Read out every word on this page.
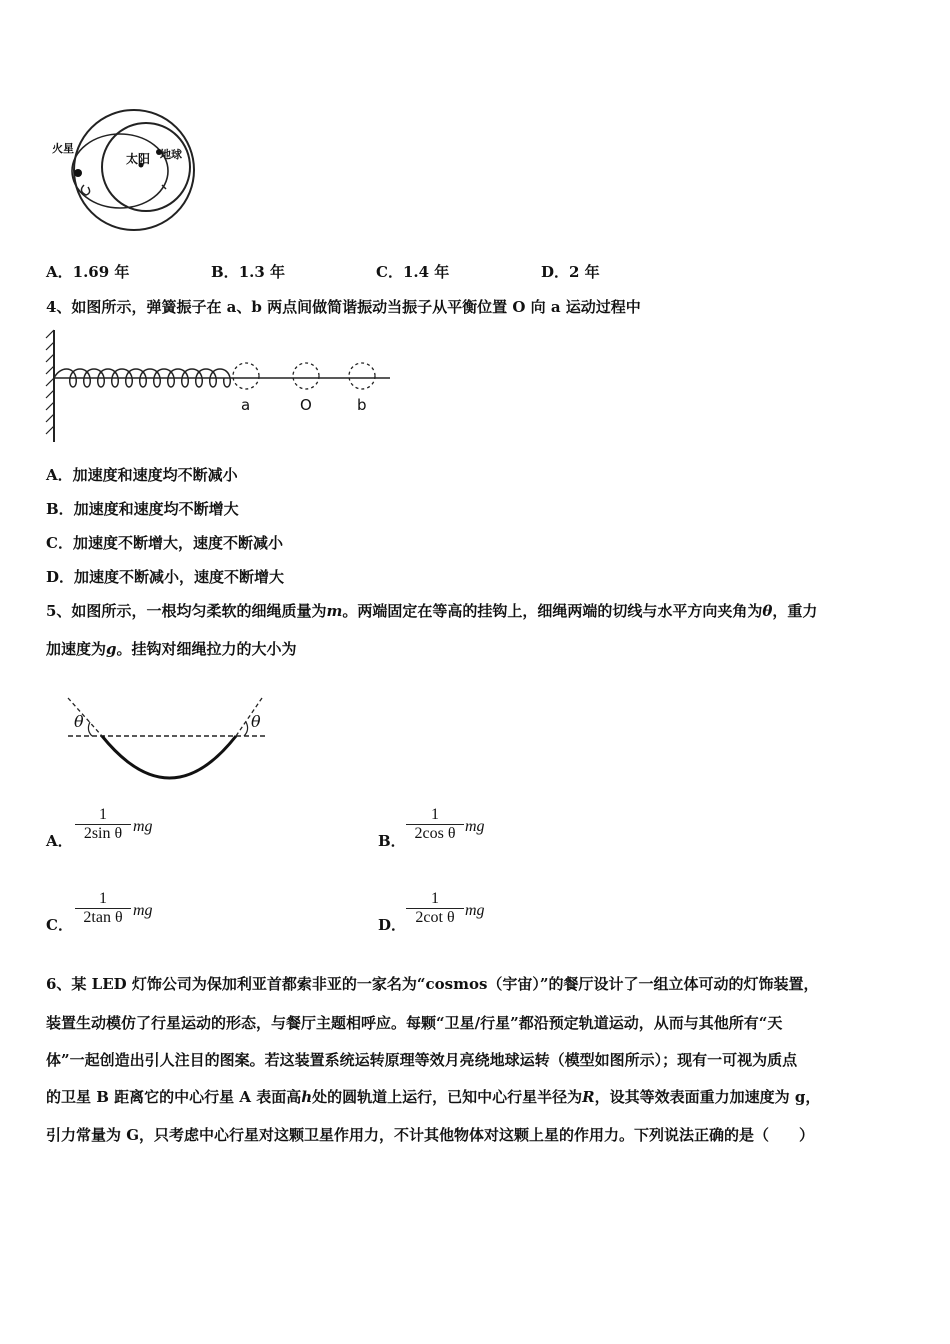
火星
太阳 地球
A．1.69 年	B．1.3 年	C．1.4 年	D．2 年
4、如图所示，弹簧振子在 a、b 两点间做简谐振动当振子从平衡位置 O 向 a 运动过程中
a	O	b
A．加速度和速度均不断减小
B．加速度和速度均不断增大
C．加速度不断增大，速度不断减小
D．加速度不断减小，速度不断增大
5、如图所示，一根均匀柔软的细绳质量为m。两端固定在等高的挂钩上，细绳两端的切线与水平方向夹角为θ，重力
加速度为g。挂钩对细绳拉力的大小为
θ	θ
A． $\frac{1}{\text{2sin θ}}$ mg
B． $\frac{1}{\text{2cos θ}}$ mg
C． $\frac{1}{\text{2tan θ}}$ mg
D． $\frac{1}{\text{2cot θ}}$ mg
6、某 LED 灯饰公司为保加利亚首都索非亚的一家名为“cosmos（宇宙）”的餐厅设计了一组立体可动的灯饰装置，
装置生动模仿了行星运动的形态，与餐厅主题相呼应。每颗“卫星/行星”都沿预定轨道运动，从而与其他所有“天
体”一起创造出引人注目的图案。若这装置系统运转原理等效月亮绕地球运转（模型如图所示）；现有一可视为质点
的卫星 B 距离它的中心行星 A 表面高h处的圆轨道上运行，已知中心行星半径为R，设其等效表面重力加速度为 g，
引力常量为 G，只考虑中心行星对这颗卫星作用力，不计其他物体对这颗上星的作用力。下列说法正确的是（　　）
